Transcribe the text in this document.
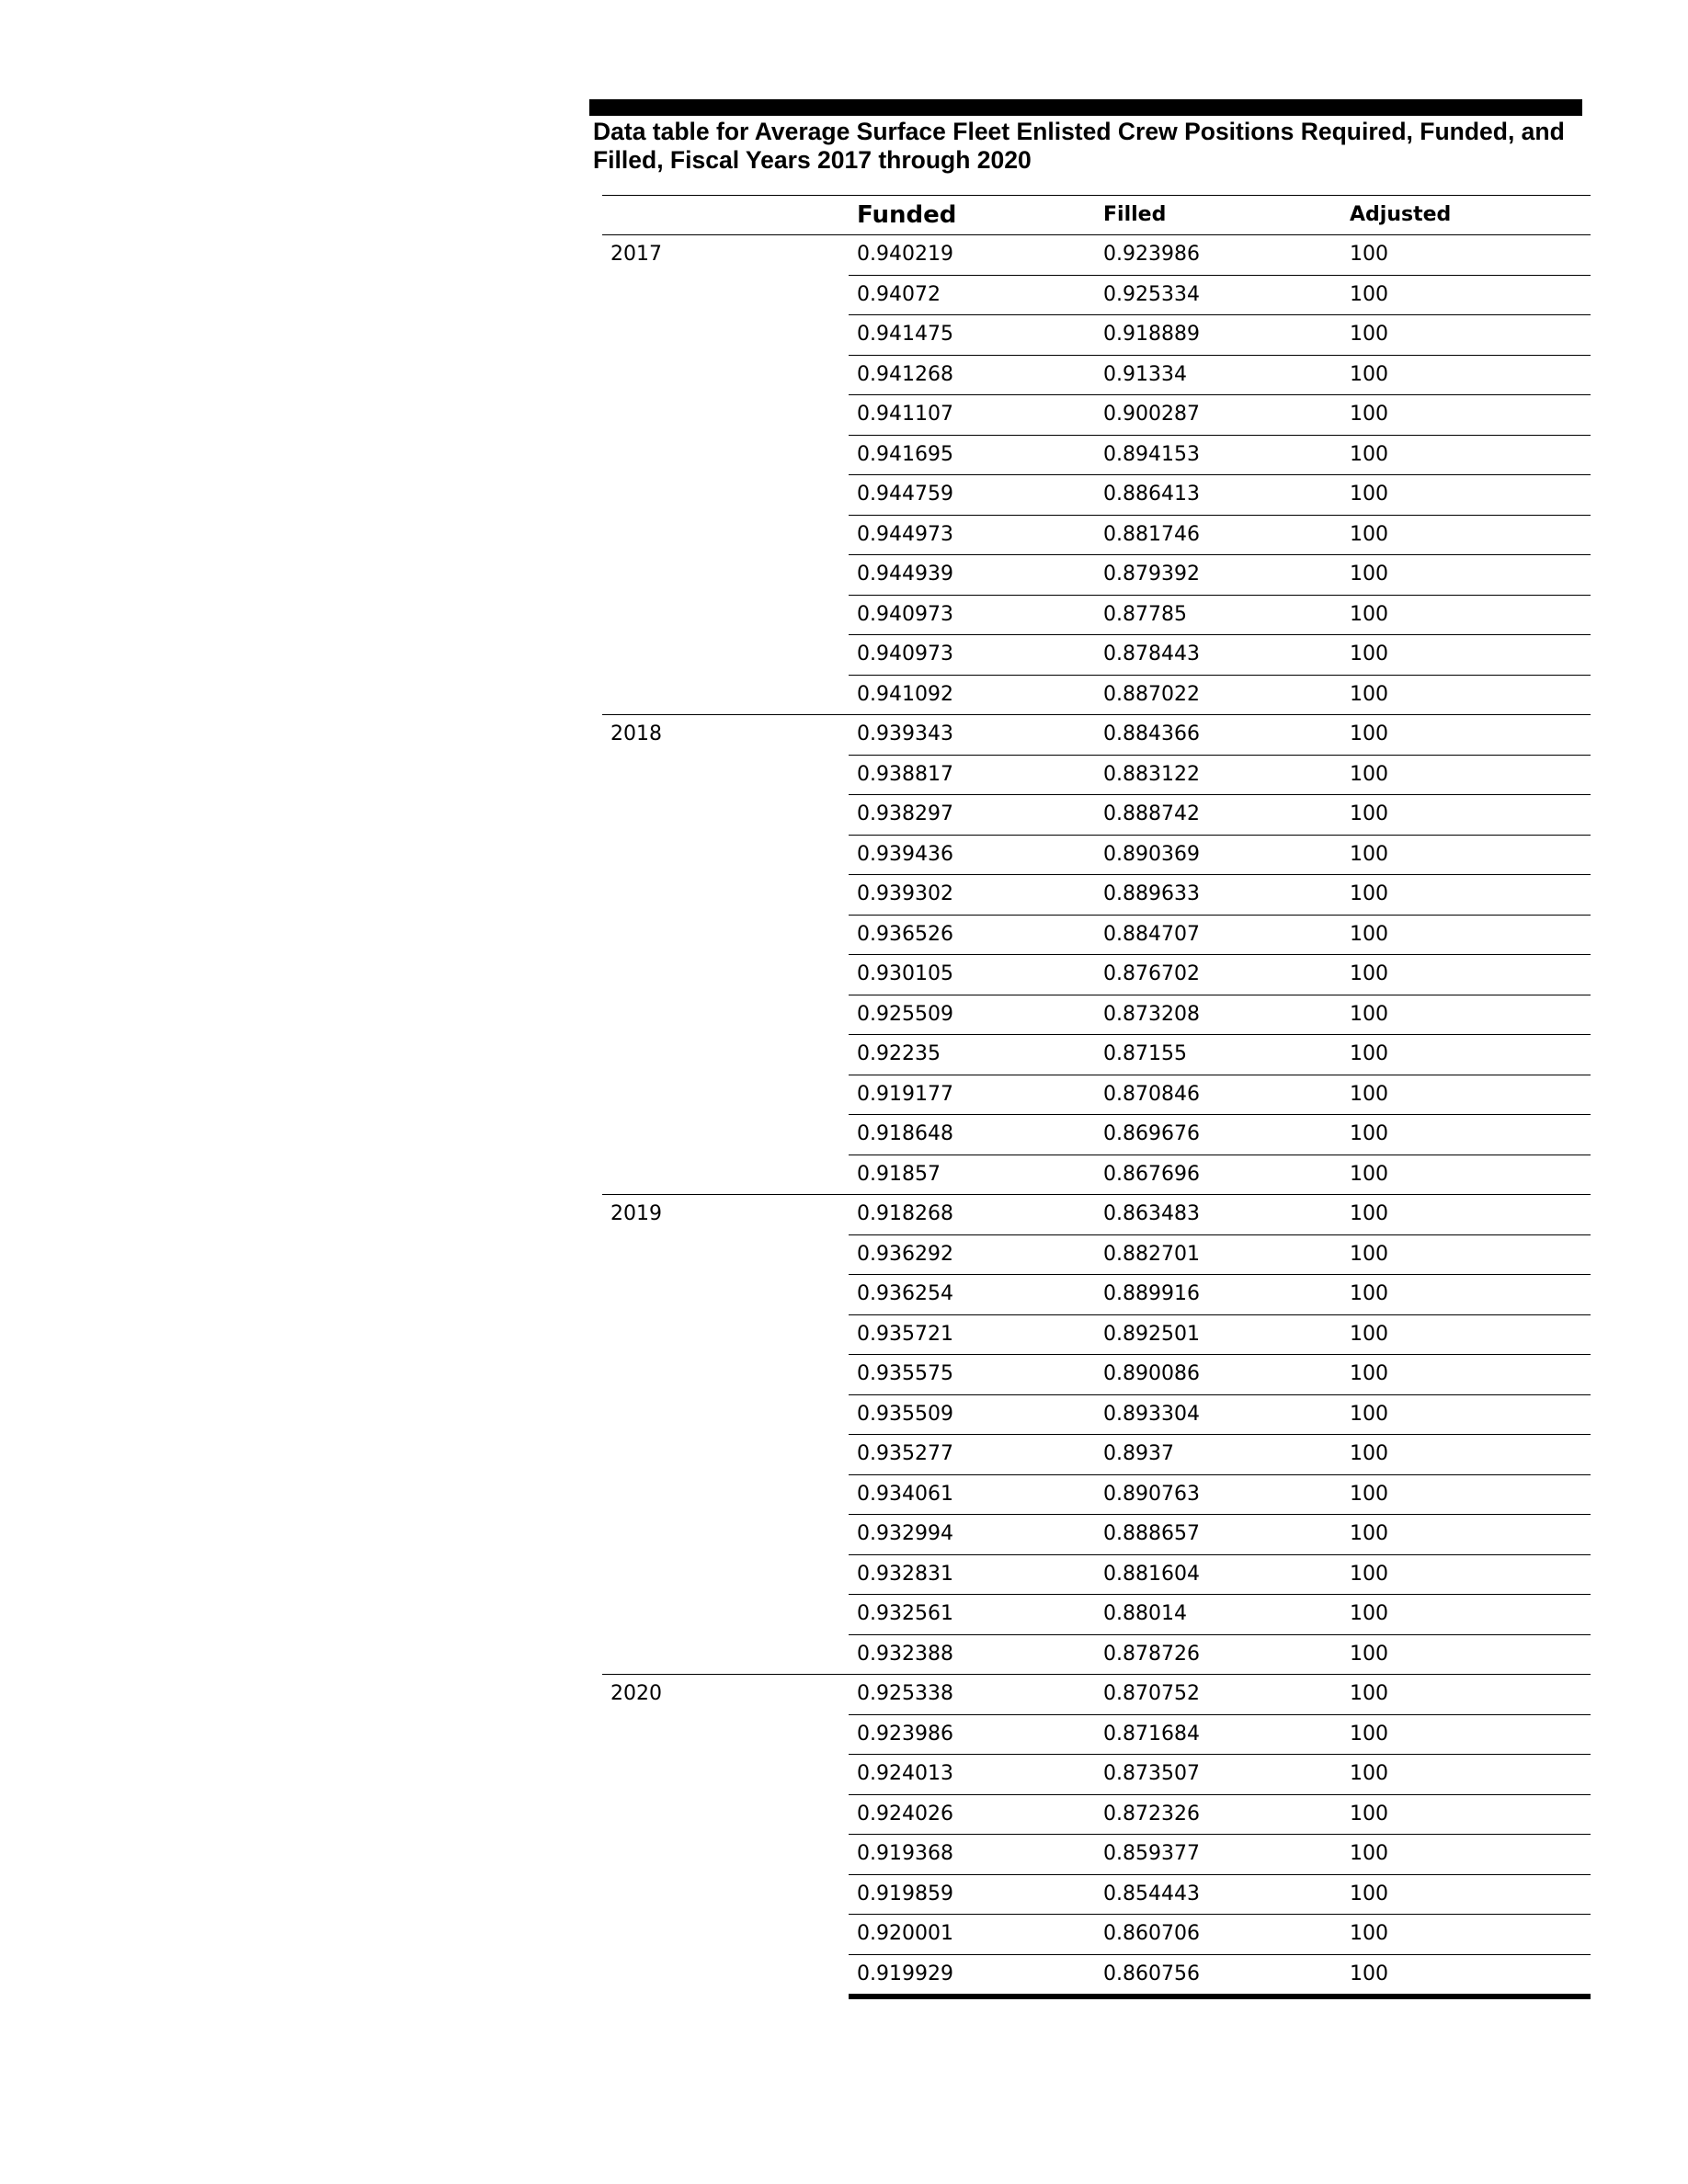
Data table for Average Surface Fleet Enlisted Crew Positions Required, Funded, and Filled, Fiscal Years 2017 through 2020
	Funded	Filled	Adjusted
2017	0.940219	0.923986	100
	0.94072	0.925334	100
	0.941475	0.918889	100
	0.941268	0.91334	100
	0.941107	0.900287	100
	0.941695	0.894153	100
	0.944759	0.886413	100
	0.944973	0.881746	100
	0.944939	0.879392	100
	0.940973	0.87785	100
	0.940973	0.878443	100
	0.941092	0.887022	100
2018	0.939343	0.884366	100
	0.938817	0.883122	100
	0.938297	0.888742	100
	0.939436	0.890369	100
	0.939302	0.889633	100
	0.936526	0.884707	100
	0.930105	0.876702	100
	0.925509	0.873208	100
	0.92235	0.87155	100
	0.919177	0.870846	100
	0.918648	0.869676	100
	0.91857	0.867696	100
2019	0.918268	0.863483	100
	0.936292	0.882701	100
	0.936254	0.889916	100
	0.935721	0.892501	100
	0.935575	0.890086	100
	0.935509	0.893304	100
	0.935277	0.8937	100
	0.934061	0.890763	100
	0.932994	0.888657	100
	0.932831	0.881604	100
	0.932561	0.88014	100
	0.932388	0.878726	100
2020	0.925338	0.870752	100
	0.923986	0.871684	100
	0.924013	0.873507	100
	0.924026	0.872326	100
	0.919368	0.859377	100
	0.919859	0.854443	100
	0.920001	0.860706	100
	0.919929	0.860756	100
